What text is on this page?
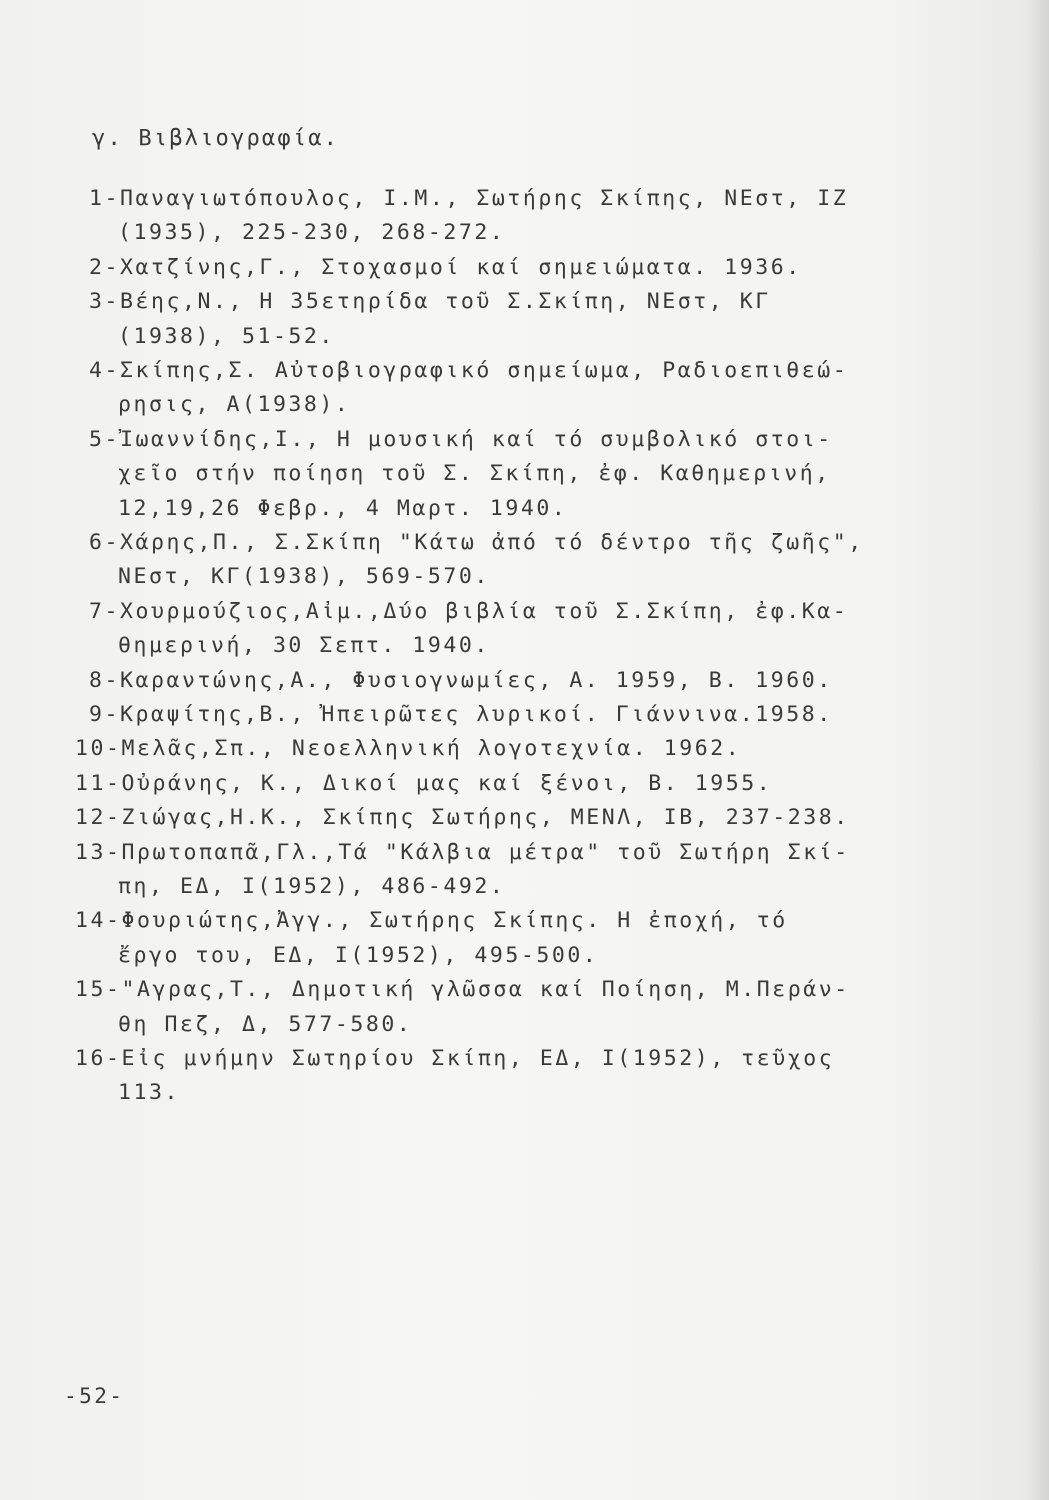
γ. Βιβλιογραφία.
1-Παναγιωτόπουλος, Ι.Μ., Σωτήρης Σκίπης, ΝΕστ, ΙΖ
(1935), 225-230, 268-272.
2-Χατζίνης,Γ., Στοχασμοί καί σημειώματα. 1936.
3-Βέης,Ν., Η 35ετηρίδα τοῦ Σ.Σκίπη, ΝΕστ, ΚΓ
(1938), 51-52.
4-Σκίπης,Σ. Αὐτοβιογραφικό σημείωμα, Ραδιοεπιθεώ-
ρησις, Α(1938).
5-Ἰωαννίδης,Ι., Η μουσική καί τό συμβολικό στοι-
χεῖο στήν ποίηση τοῦ Σ. Σκίπη, ἐφ. Καθημερινή,
12,19,26 Φεβρ., 4 Μαρτ. 1940.
6-Χάρης,Π., Σ.Σκίπη "Κάτω ἀπό τό δέντρο τῆς ζωῆς",
ΝΕστ, ΚΓ(1938), 569-570.
7-Χουρμούζιος,Αἰμ.,Δύο βιβλία τοῦ Σ.Σκίπη, ἐφ.Κα-
θημερινή, 30 Σεπτ. 1940.
8-Καραντώνης,Α., Φυσιογνωμίες, Α. 1959, Β. 1960.
9-Κραψίτης,Β., Ἠπειρῶτες λυρικοί. Γιάννινα.1958.
10-Μελᾶς,Σπ., Νεοελληνική λογοτεχνία. 1962.
11-Οὐράνης, Κ., Δικοί μας καί ξένοι, Β. 1955.
12-Ζιώγας,Η.Κ., Σκίπης Σωτήρης, ΜΕΝΛ, ΙΒ, 237-238.
13-Πρωτοπαπᾶ,Γλ.,Τά "Κάλβια μέτρα" τοῦ Σωτήρη Σκί-
πη, ΕΔ, Ι(1952), 486-492.
14-Φουριώτης,Ἀγγ., Σωτήρης Σκίπης. Η ἐποχή, τό
ἔργο του, ΕΔ, Ι(1952), 495-500.
15-"Αγρας,Τ., Δημοτική γλῶσσα καί Ποίηση, Μ.Περάν-
θη Πεζ, Δ, 577-580.
16-Εἰς μνήμην Σωτηρίου Σκίπη, ΕΔ, Ι(1952), τεῦχος
113.
-52-
